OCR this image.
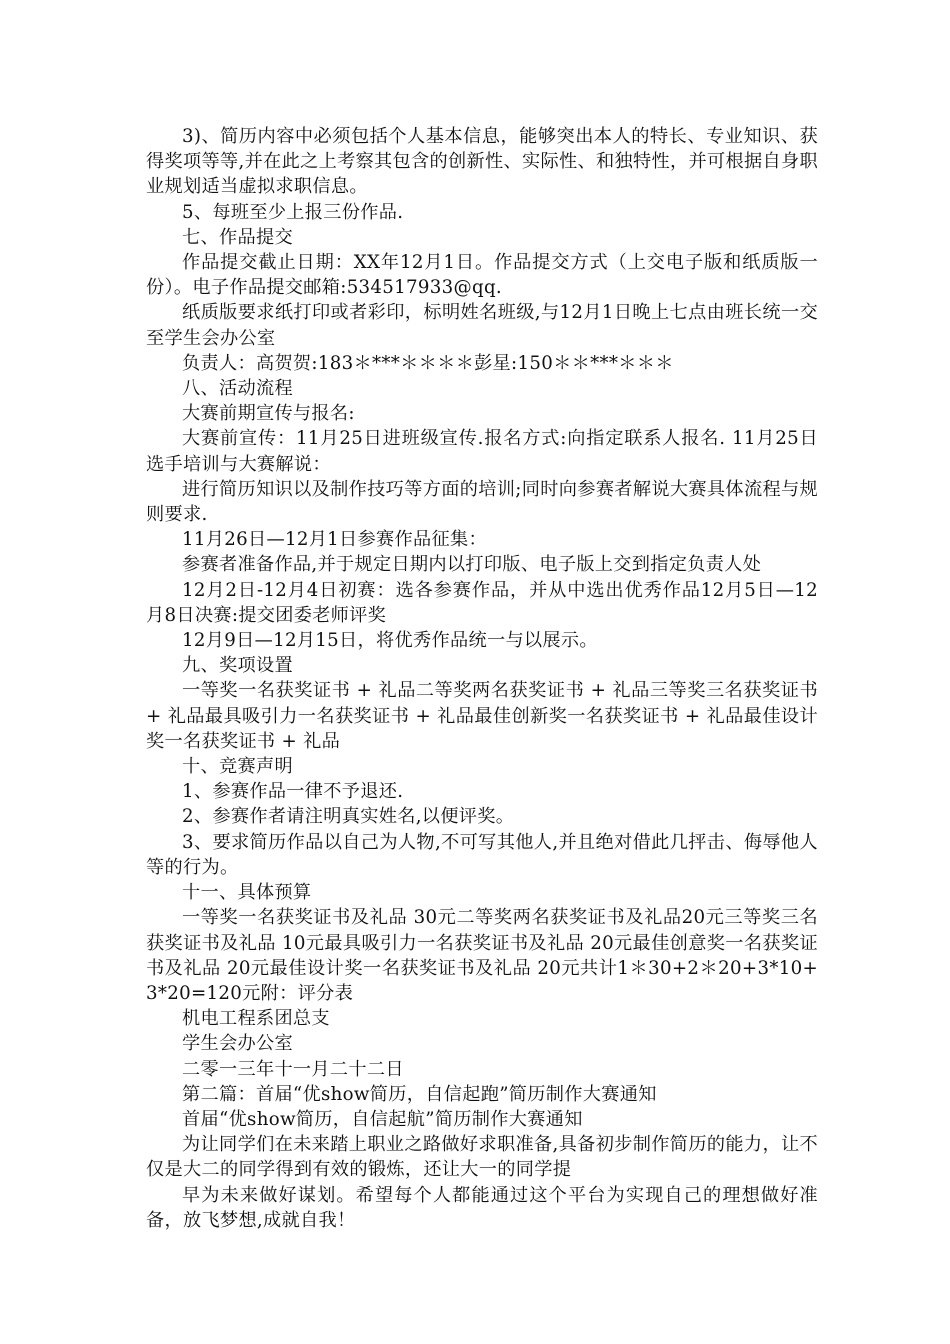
3)、简历内容中必须包括个人基本信息，能够突出本人的特长、专业知识、获得奖项等等,并在此之上考察其包含的创新性、实际性、和独特性，并可根据自身职业规划适当虚拟求职信息。

5、每班至少上报三份作品.

七、作品提交

作品提交截止日期：XX年12月1日。作品提交方式（上交电子版和纸质版一份）。电子作品提交邮箱:534517933@qq.

纸质版要求纸打印或者彩印，标明姓名班级,与12月1日晚上七点由班长统一交至学生会办公室

负责人：高贺贺:183＊***＊＊＊＊彭星:150＊＊***＊＊＊

八、活动流程

大赛前期宣传与报名:

大赛前宣传：11月25日进班级宣传.报名方式:向指定联系人报名. 11月25日选手培训与大赛解说：

进行简历知识以及制作技巧等方面的培训;同时向参赛者解说大赛具体流程与规则要求.

11月26日—12月1日参赛作品征集：

参赛者准备作品,并于规定日期内以打印版、电子版上交到指定负责人处

12月2日-12月4日初赛：选各参赛作品，并从中选出优秀作品12月5日—12月8日决赛:提交团委老师评奖

12月9日—12月15日，将优秀作品统一与以展示。

九、奖项设置

一等奖一名获奖证书 + 礼品二等奖两名获奖证书 + 礼品三等奖三名获奖证书 + 礼品最具吸引力一名获奖证书 + 礼品最佳创新奖一名获奖证书 + 礼品最佳设计奖一名获奖证书 + 礼品

十、竞赛声明

1、参赛作品一律不予退还.

2、参赛作者请注明真实姓名,以便评奖。

3、要求简历作品以自己为人物,不可写其他人,并且绝对借此几抨击、侮辱他人等的行为。

十一、具体预算

一等奖一名获奖证书及礼品 30元二等奖两名获奖证书及礼品20元三等奖三名获奖证书及礼品 10元最具吸引力一名获奖证书及礼品 20元最佳创意奖一名获奖证书及礼品 20元最佳设计奖一名获奖证书及礼品 20元共计1＊30+2＊20+3*10+3*20=120元附：评分表

机电工程系团总支

学生会办公室

二零一三年十一月二十二日

第二篇：首届“优show简历，自信起跑”简历制作大赛通知

首届“优show简历，自信起航”简历制作大赛通知

为让同学们在未来踏上职业之路做好求职准备,具备初步制作简历的能力，让不仅是大二的同学得到有效的锻炼，还让大一的同学提

早为未来做好谋划。希望每个人都能通过这个平台为实现自己的理想做好准备，放飞梦想,成就自我！
